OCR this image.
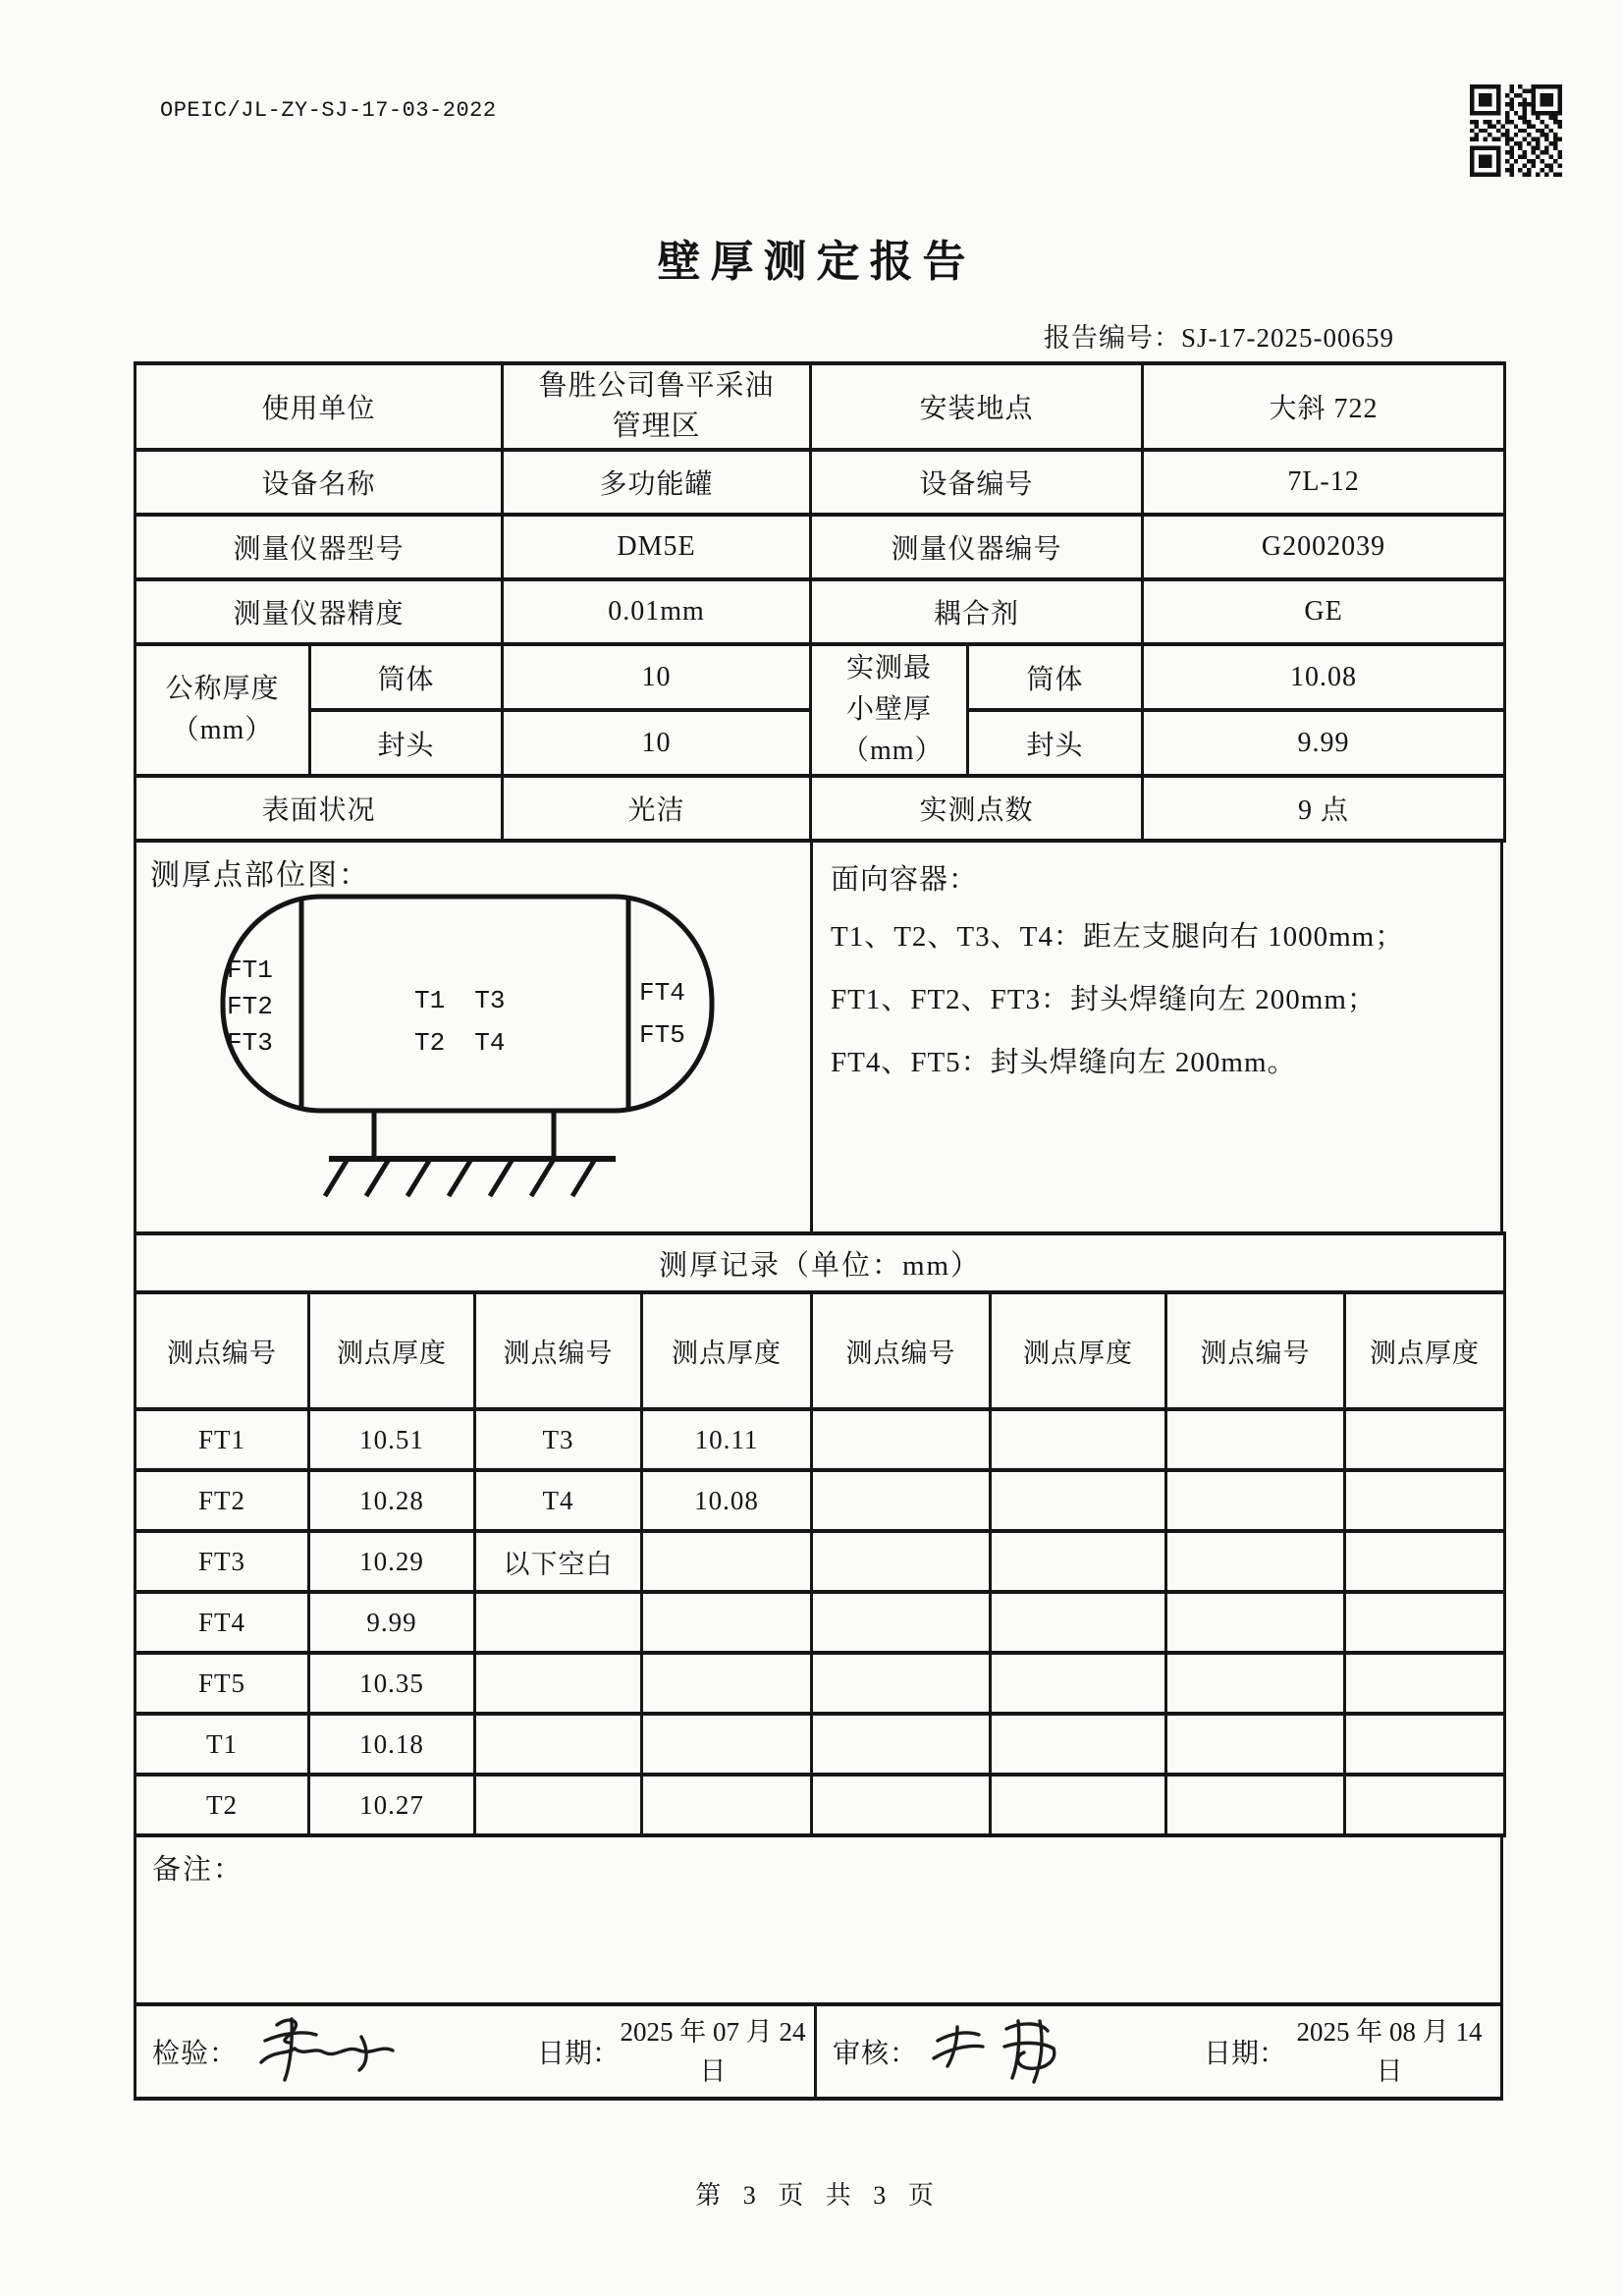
OPEIC/JL-ZY-SJ-17-03-2022
壁厚测定报告
报告编号：SJ-17-2025-00659
使用单位		鲁胜公司鲁平采油管理区	安装地点		大斜 722
设备名称		多功能罐	设备编号		7L-12
测量仪器型号		DM5E	测量仪器编号		G2002039
测量仪器精度		0.01mm	耦合剂		GE
公称厚度（mm）	筒体	10	实测最小壁厚（mm）	筒体	10.08
	封头	10		封头	9.99
表面状况		光洁	实测点数		9 点
测厚点部位图：
FT1
FT2
FT3
T1 T3
T2 T4
FT4
FT5
面向容器：
T1、T2、T3、T4：距左支腿向右 1000mm；
FT1、FT2、FT3：封头焊缝向左 200mm；
FT4、FT5：封头焊缝向左 200mm。
测厚记录（单位：mm）							
测点编号	测点厚度	测点编号	测点厚度	测点编号	测点厚度	测点编号	测点厚度
FT1	10.51	T3	10.11				
FT2	10.28	T4	10.08				
FT3	10.29	以下空白					
FT4	9.99						
FT5	10.35						
T1	10.18						
T2	10.27						
备注：
检验：	日期：
2025 年 07 月 24 日
审核：	日期：
2025 年 08 月 14 日
第 3 页 共 3 页
